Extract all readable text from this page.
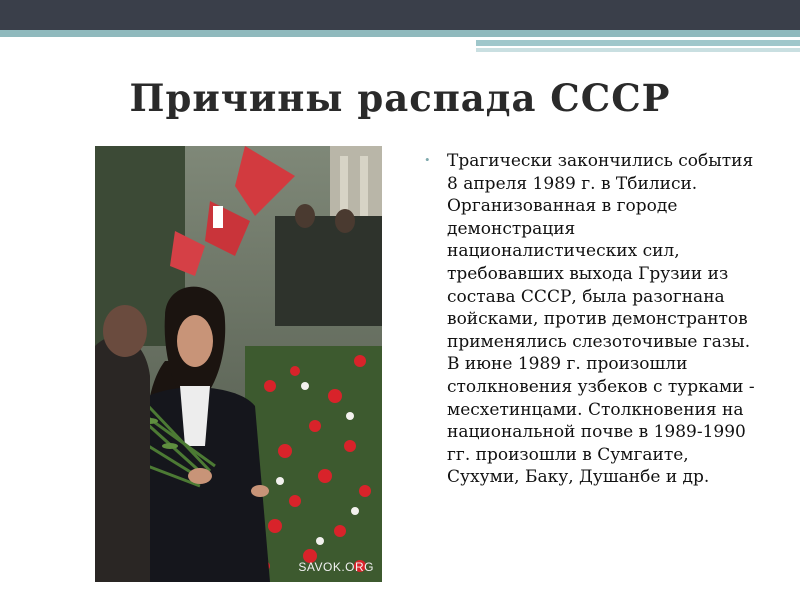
Причины распада СССР
SAVOK.ORG
• Трагически закончились события 8 апреля 1989 г. в Тбилиси. Организованная в городе демонстрация националистических сил, требовавших выхода Грузии из состава СССР, была разогнана войсками, против демонстрантов применялись слезоточивые газы. В июне 1989 г. произошли столкновения узбеков с турками - месхетинцами. Столкновения на национальной почве в 1989-1990 гг. произошли в Сумгаите, Сухуми, Баку, Душанбе и др.
